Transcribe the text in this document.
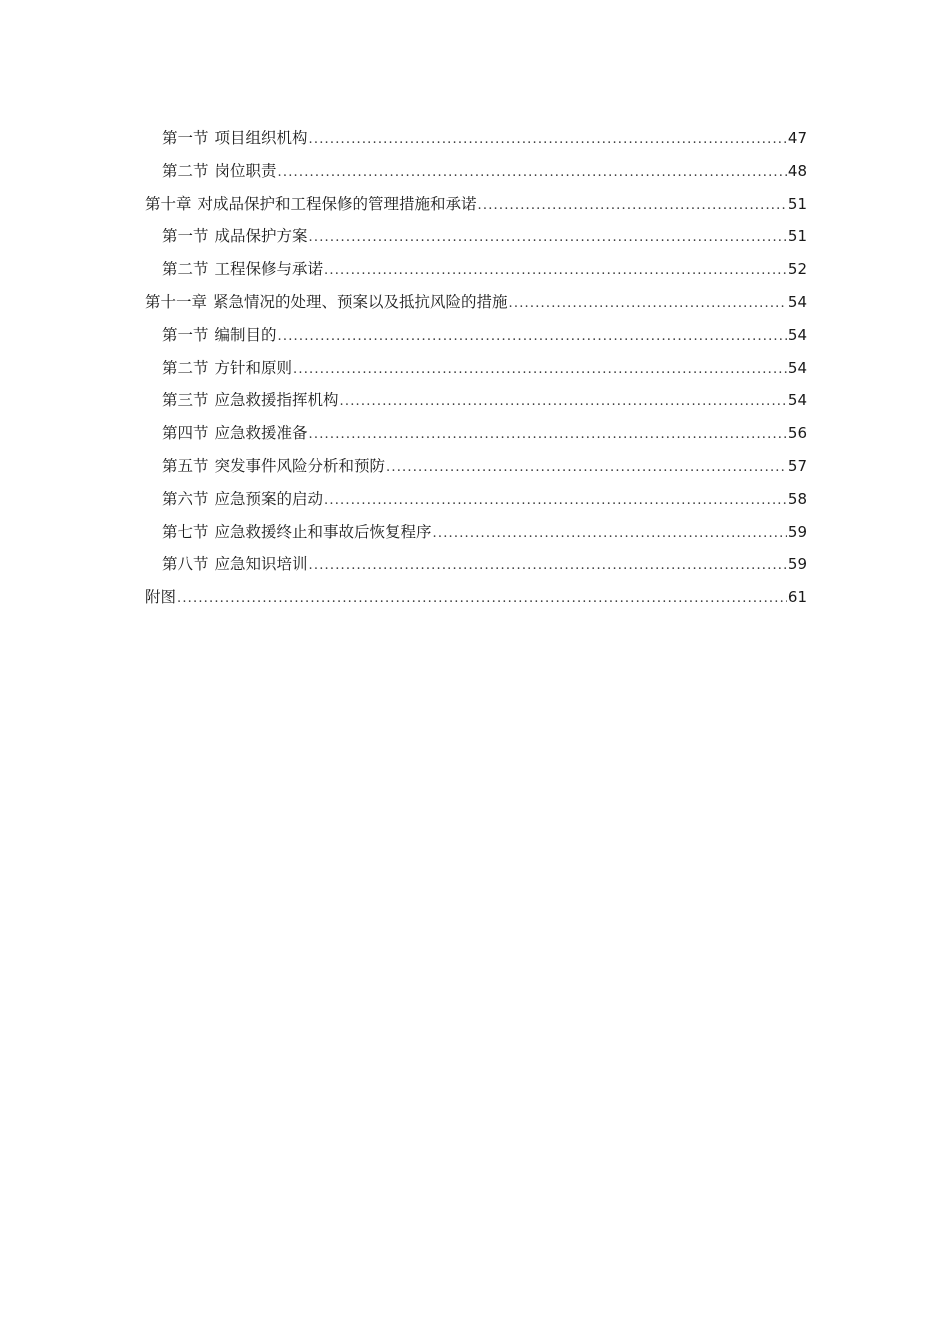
第一节 项目组织机构 .....	47
第二节 岗位职责 .....	48
第十章 对成品保护和工程保修的管理措施和承诺 .....	51
第一节 成品保护方案 .....	51
第二节 工程保修与承诺 .....	52
第十一章 紧急情况的处理、预案以及抵抗风险的措施 .....	54
第一节 编制目的 .....	54
第二节 方针和原则 .....	54
第三节 应急救援指挥机构 .....	54
第四节 应急救援准备 .....	56
第五节 突发事件风险分析和预防 .....	57
第六节 应急预案的启动 .....	58
第七节 应急救援终止和事故后恢复程序 .....	59
第八节 应急知识培训 .....	59
附图 .....	61
